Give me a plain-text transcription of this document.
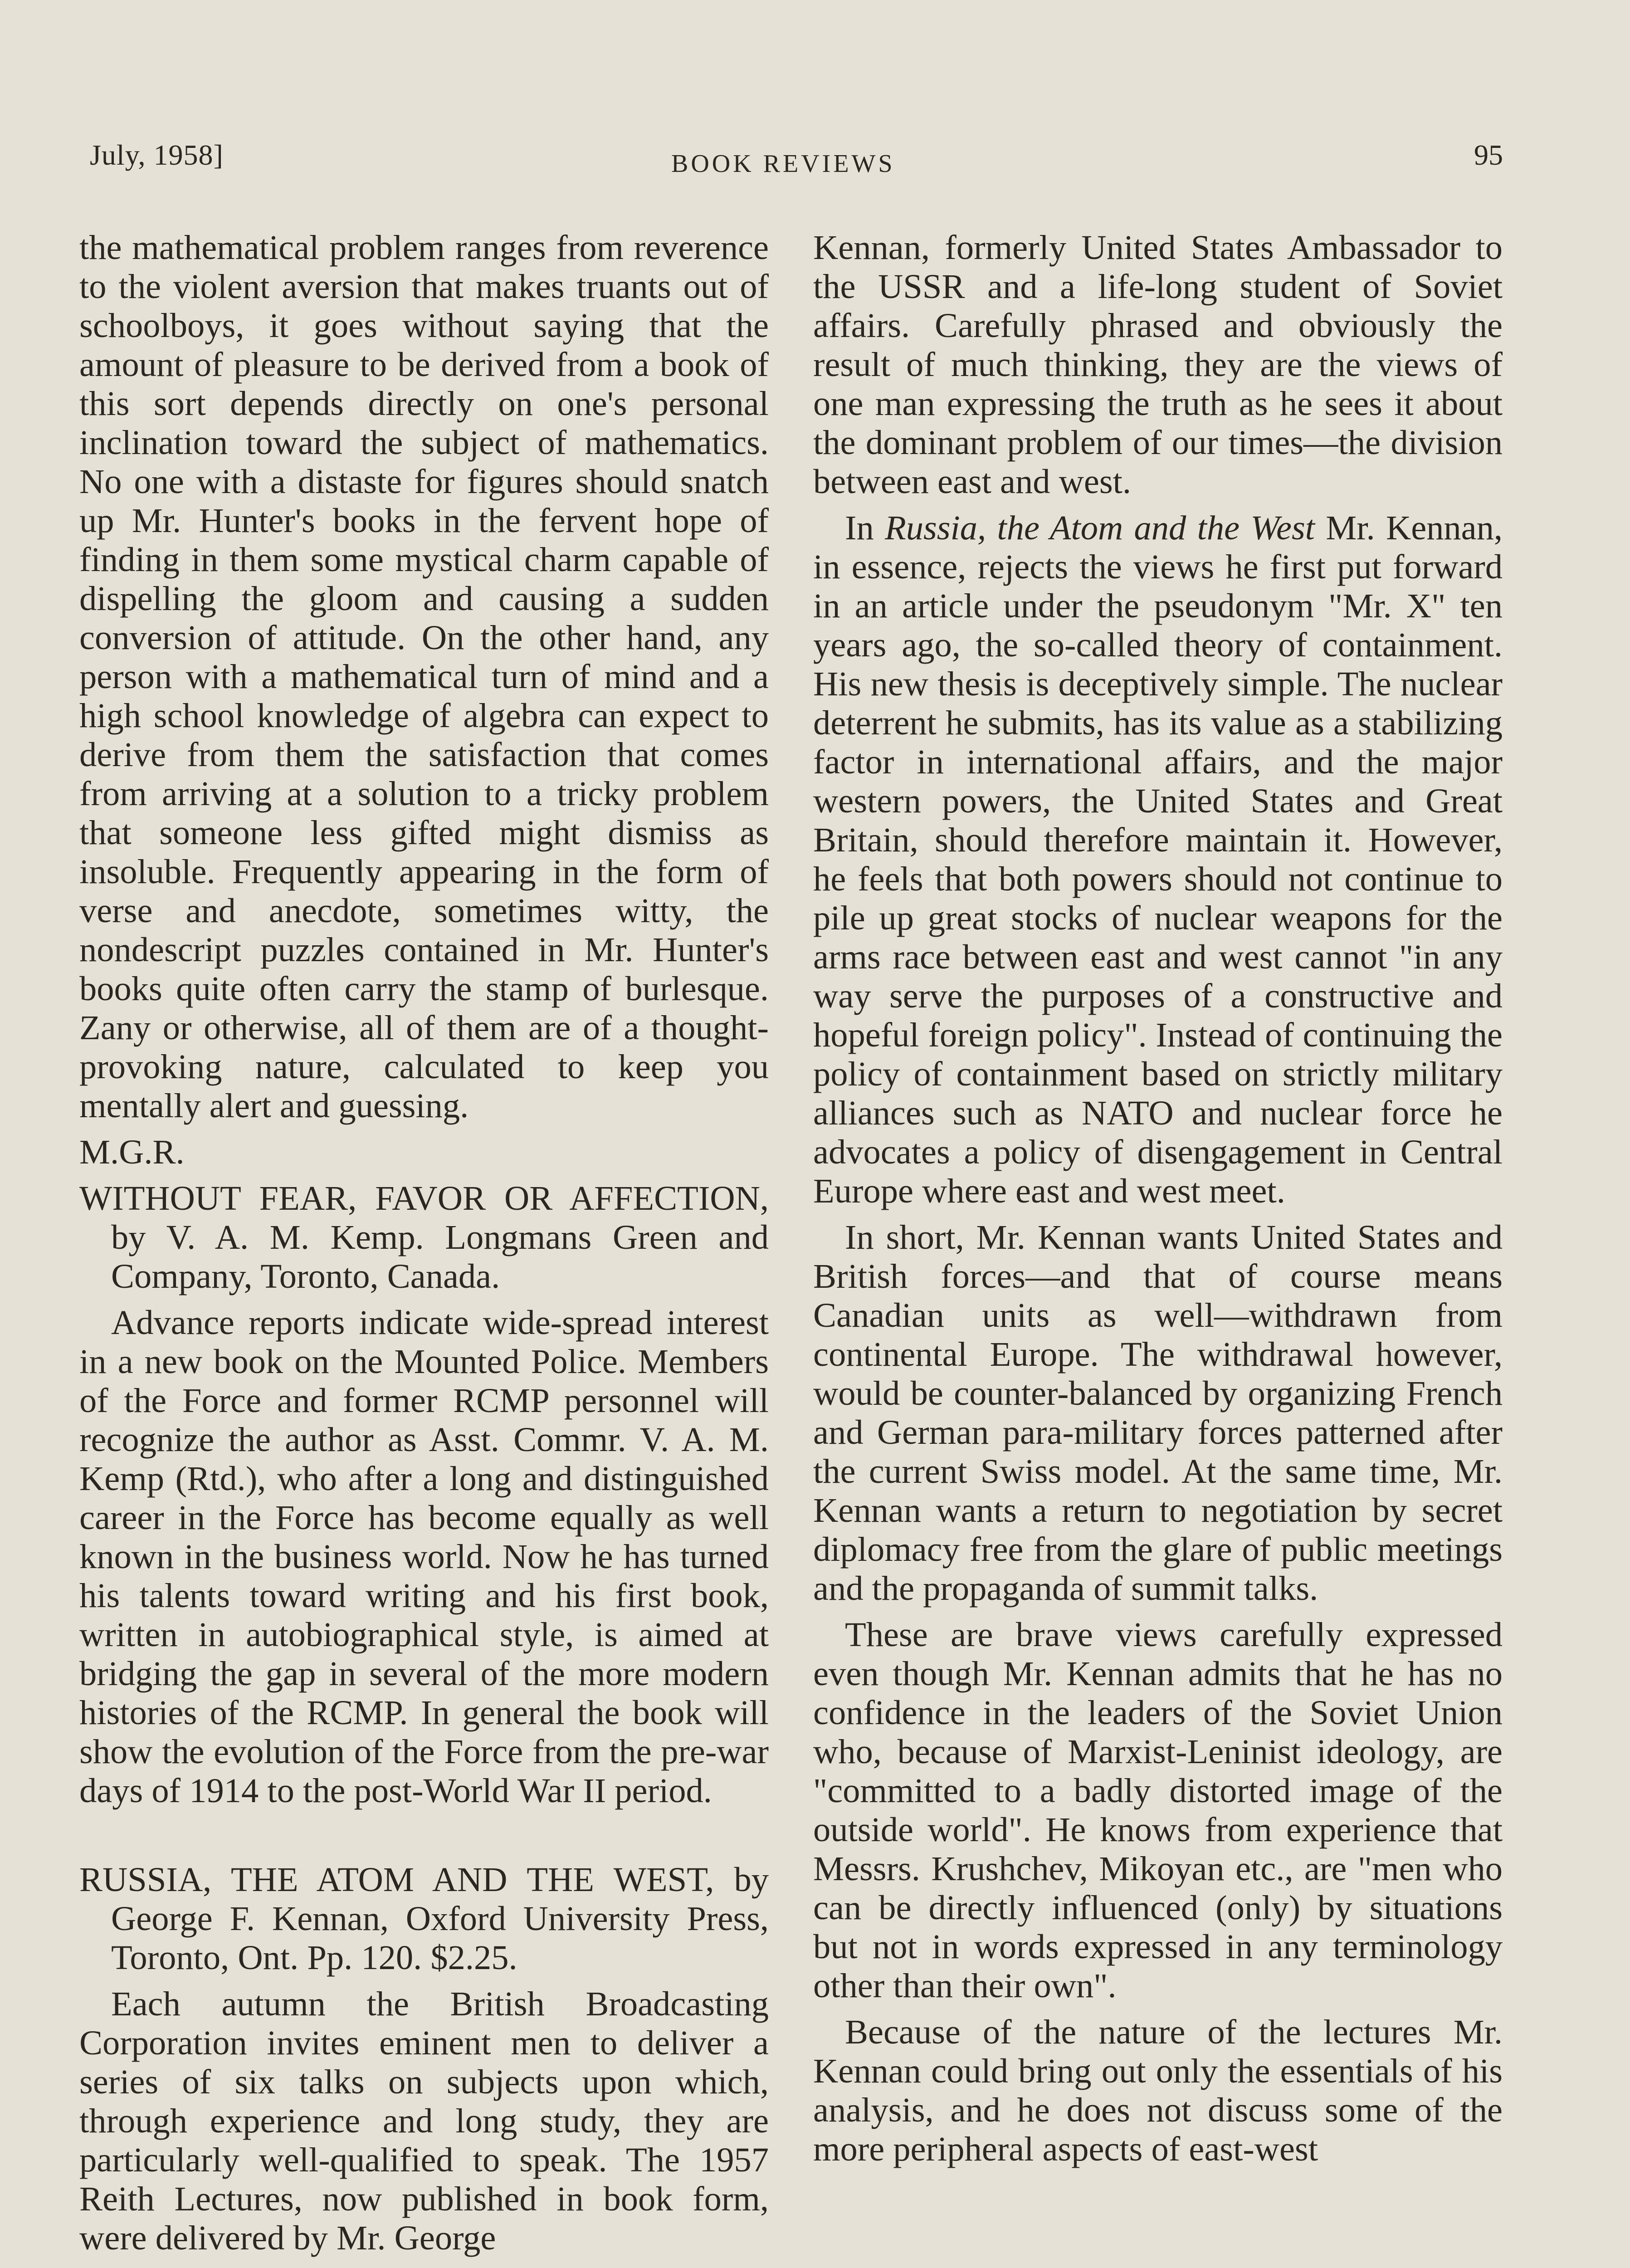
July, 1958]	BOOK REVIEWS	95

the mathematical problem ranges from reverence to the violent aversion that makes truants out of schoolboys, it goes without saying that the amount of pleasure to be derived from a book of this sort depends directly on one's personal inclination toward the subject of mathematics. No one with a distaste for figures should snatch up Mr. Hunter's books in the fervent hope of finding in them some mystical charm capable of dispelling the gloom and causing a sudden conversion of attitude. On the other hand, any person with a mathematical turn of mind and a high school knowledge of algebra can expect to derive from them the satisfaction that comes from arriving at a solution to a tricky problem that someone less gifted might dismiss as insoluble. Frequently appearing in the form of verse and anecdote, sometimes witty, the nondescript puzzles contained in Mr. Hunter's books quite often carry the stamp of burlesque. Zany or otherwise, all of them are of a thought-provoking nature, calculated to keep you mentally alert and guessing.

M.G.R.

WITHOUT FEAR, FAVOR OR AFFECTION, by V. A. M. Kemp. Longmans Green and Company, Toronto, Canada.

Advance reports indicate wide-spread interest in a new book on the Mounted Police. Members of the Force and former RCMP personnel will recognize the author as Asst. Commr. V. A. M. Kemp (Rtd.), who after a long and distinguished career in the Force has become equally as well known in the business world. Now he has turned his talents toward writing and his first book, written in autobiographical style, is aimed at bridging the gap in several of the more modern histories of the RCMP. In general the book will show the evolution of the Force from the pre-war days of 1914 to the post-World War II period.

RUSSIA, THE ATOM AND THE WEST, by George F. Kennan, Oxford University Press, Toronto, Ont. Pp. 120. $2.25.

Each autumn the British Broadcasting Corporation invites eminent men to deliver a series of six talks on subjects upon which, through experience and long study, they are particularly well-qualified to speak. The 1957 Reith Lectures, now published in book form, were delivered by Mr. George

Kennan, formerly United States Ambassador to the USSR and a life-long student of Soviet affairs. Carefully phrased and obviously the result of much thinking, they are the views of one man expressing the truth as he sees it about the dominant problem of our times—the division between east and west.

In Russia, the Atom and the West Mr. Kennan, in essence, rejects the views he first put forward in an article under the pseudonym "Mr. X" ten years ago, the so-called theory of containment. His new thesis is deceptively simple. The nuclear deterrent he submits, has its value as a stabilizing factor in international affairs, and the major western powers, the United States and Great Britain, should therefore maintain it. However, he feels that both powers should not continue to pile up great stocks of nuclear weapons for the arms race between east and west cannot "in any way serve the purposes of a constructive and hopeful foreign policy". Instead of continuing the policy of containment based on strictly military alliances such as NATO and nuclear force he advocates a policy of disengagement in Central Europe where east and west meet.

In short, Mr. Kennan wants United States and British forces—and that of course means Canadian units as well—withdrawn from continental Europe. The withdrawal however, would be counter-balanced by organizing French and German para-military forces patterned after the current Swiss model. At the same time, Mr. Kennan wants a return to negotiation by secret diplomacy free from the glare of public meetings and the propaganda of summit talks.

These are brave views carefully expressed even though Mr. Kennan admits that he has no confidence in the leaders of the Soviet Union who, because of Marxist-Leninist ideology, are "committed to a badly distorted image of the outside world". He knows from experience that Messrs. Krushchev, Mikoyan etc., are "men who can be directly influenced (only) by situations but not in words expressed in any terminology other than their own".

Because of the nature of the lectures Mr. Kennan could bring out only the essentials of his analysis, and he does not discuss some of the more peripheral aspects of east-west
